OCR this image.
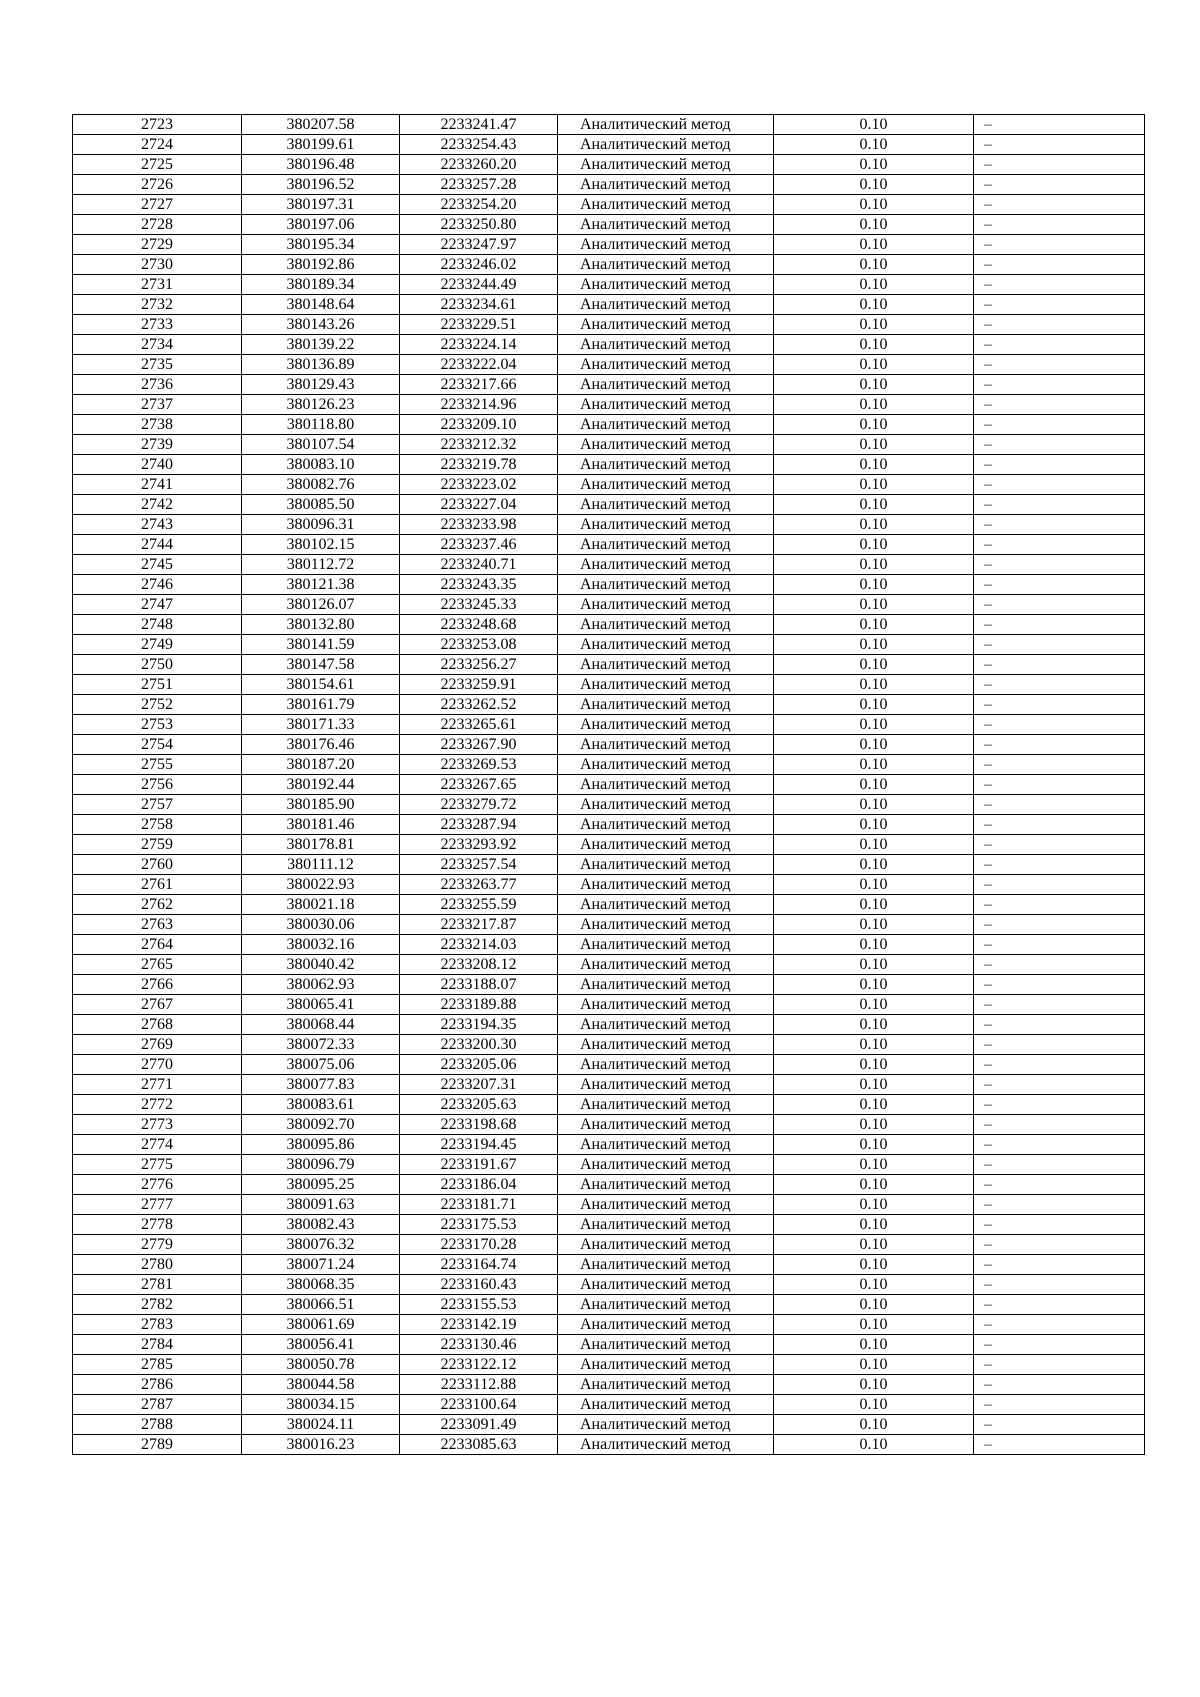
2723	380207.58	2233241.47	Аналитический метод	0.10	–
2724	380199.61	2233254.43	Аналитический метод	0.10	–
2725	380196.48	2233260.20	Аналитический метод	0.10	–
2726	380196.52	2233257.28	Аналитический метод	0.10	–
2727	380197.31	2233254.20	Аналитический метод	0.10	–
2728	380197.06	2233250.80	Аналитический метод	0.10	–
2729	380195.34	2233247.97	Аналитический метод	0.10	–
2730	380192.86	2233246.02	Аналитический метод	0.10	–
2731	380189.34	2233244.49	Аналитический метод	0.10	–
2732	380148.64	2233234.61	Аналитический метод	0.10	–
2733	380143.26	2233229.51	Аналитический метод	0.10	–
2734	380139.22	2233224.14	Аналитический метод	0.10	–
2735	380136.89	2233222.04	Аналитический метод	0.10	–
2736	380129.43	2233217.66	Аналитический метод	0.10	–
2737	380126.23	2233214.96	Аналитический метод	0.10	–
2738	380118.80	2233209.10	Аналитический метод	0.10	–
2739	380107.54	2233212.32	Аналитический метод	0.10	–
2740	380083.10	2233219.78	Аналитический метод	0.10	–
2741	380082.76	2233223.02	Аналитический метод	0.10	–
2742	380085.50	2233227.04	Аналитический метод	0.10	–
2743	380096.31	2233233.98	Аналитический метод	0.10	–
2744	380102.15	2233237.46	Аналитический метод	0.10	–
2745	380112.72	2233240.71	Аналитический метод	0.10	–
2746	380121.38	2233243.35	Аналитический метод	0.10	–
2747	380126.07	2233245.33	Аналитический метод	0.10	–
2748	380132.80	2233248.68	Аналитический метод	0.10	–
2749	380141.59	2233253.08	Аналитический метод	0.10	–
2750	380147.58	2233256.27	Аналитический метод	0.10	–
2751	380154.61	2233259.91	Аналитический метод	0.10	–
2752	380161.79	2233262.52	Аналитический метод	0.10	–
2753	380171.33	2233265.61	Аналитический метод	0.10	–
2754	380176.46	2233267.90	Аналитический метод	0.10	–
2755	380187.20	2233269.53	Аналитический метод	0.10	–
2756	380192.44	2233267.65	Аналитический метод	0.10	–
2757	380185.90	2233279.72	Аналитический метод	0.10	–
2758	380181.46	2233287.94	Аналитический метод	0.10	–
2759	380178.81	2233293.92	Аналитический метод	0.10	–
2760	380111.12	2233257.54	Аналитический метод	0.10	–
2761	380022.93	2233263.77	Аналитический метод	0.10	–
2762	380021.18	2233255.59	Аналитический метод	0.10	–
2763	380030.06	2233217.87	Аналитический метод	0.10	–
2764	380032.16	2233214.03	Аналитический метод	0.10	–
2765	380040.42	2233208.12	Аналитический метод	0.10	–
2766	380062.93	2233188.07	Аналитический метод	0.10	–
2767	380065.41	2233189.88	Аналитический метод	0.10	–
2768	380068.44	2233194.35	Аналитический метод	0.10	–
2769	380072.33	2233200.30	Аналитический метод	0.10	–
2770	380075.06	2233205.06	Аналитический метод	0.10	–
2771	380077.83	2233207.31	Аналитический метод	0.10	–
2772	380083.61	2233205.63	Аналитический метод	0.10	–
2773	380092.70	2233198.68	Аналитический метод	0.10	–
2774	380095.86	2233194.45	Аналитический метод	0.10	–
2775	380096.79	2233191.67	Аналитический метод	0.10	–
2776	380095.25	2233186.04	Аналитический метод	0.10	–
2777	380091.63	2233181.71	Аналитический метод	0.10	–
2778	380082.43	2233175.53	Аналитический метод	0.10	–
2779	380076.32	2233170.28	Аналитический метод	0.10	–
2780	380071.24	2233164.74	Аналитический метод	0.10	–
2781	380068.35	2233160.43	Аналитический метод	0.10	–
2782	380066.51	2233155.53	Аналитический метод	0.10	–
2783	380061.69	2233142.19	Аналитический метод	0.10	–
2784	380056.41	2233130.46	Аналитический метод	0.10	–
2785	380050.78	2233122.12	Аналитический метод	0.10	–
2786	380044.58	2233112.88	Аналитический метод	0.10	–
2787	380034.15	2233100.64	Аналитический метод	0.10	–
2788	380024.11	2233091.49	Аналитический метод	0.10	–
2789	380016.23	2233085.63	Аналитический метод	0.10	–
